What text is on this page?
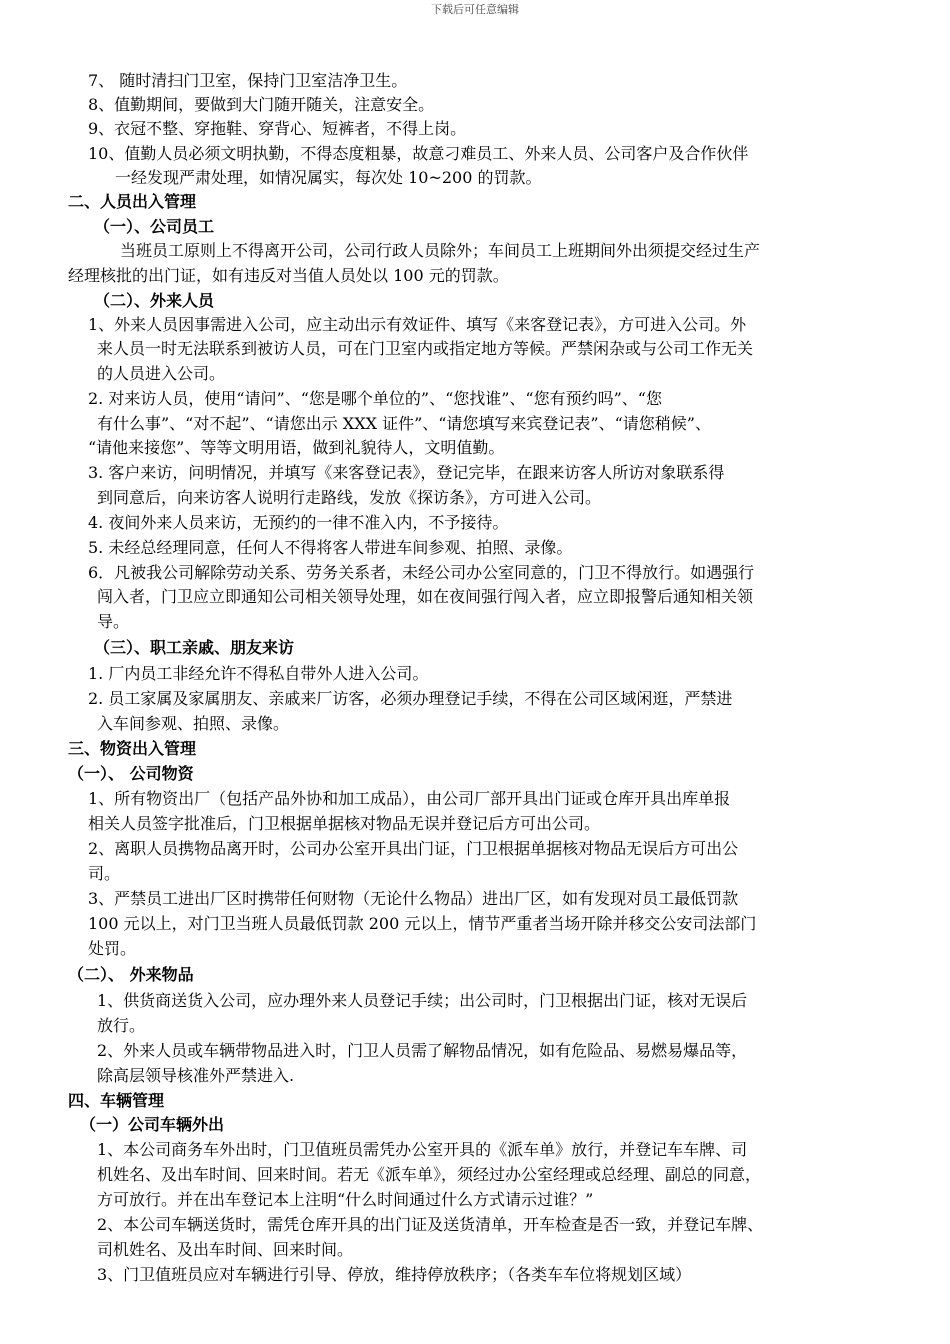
下载后可任意编辑
7、 随时清扫门卫室，保持门卫室洁净卫生。
8、值勤期间，要做到大门随开随关，注意安全。
9、衣冠不整、穿拖鞋、穿背心、短裤者，不得上岗。
10、值勤人员必须文明执勤，不得态度粗暴，故意刁难员工、外来人员、公司客户及合作伙伴
一经发现严肃处理，如情况属实，每次处 10~200 的罚款。
二、人员出入管理
（一）、公司员工
当班员工原则上不得离开公司，公司行政人员除外；车间员工上班期间外出须提交经过生产
经理核批的出门证，如有违反对当值人员处以 100 元的罚款。
（二）、外来人员
1、外来人员因事需进入公司，应主动出示有效证件、填写《来客登记表》，方可进入公司。外
来人员一时无法联系到被访人员，可在门卫室内或指定地方等候。严禁闲杂或与公司工作无关
的人员进入公司。
2. 对来访人员，使用“请问”、“您是哪个单位的”、“您找谁”、“您有预约吗”、“您
有什么事”、“对不起”、“请您出示 XXX 证件”、“请您填写来宾登记表”、“请您稍候”、
“请他来接您”、等等文明用语，做到礼貌待人，文明值勤。
3. 客户来访，问明情况，并填写《来客登记表》，登记完毕，在跟来访客人所访对象联系得
到同意后，向来访客人说明行走路线，发放《探访条》，方可进入公司。
4. 夜间外来人员来访，无预约的一律不准入内，不予接待。
5. 未经总经理同意，任何人不得将客人带进车间参观、拍照、录像。
6．凡被我公司解除劳动关系、劳务关系者，未经公司办公室同意的，门卫不得放行。如遇强行
闯入者，门卫应立即通知公司相关领导处理，如在夜间强行闯入者，应立即报警后通知相关领
导。
（三）、职工亲戚、朋友来访
1. 厂内员工非经允许不得私自带外人进入公司。
2. 员工家属及家属朋友、亲戚来厂访客，必须办理登记手续，不得在公司区域闲逛，严禁进
入车间参观、拍照、录像。
三、物资出入管理
（一）、 公司物资
1、所有物资出厂（包括产品外协和加工成品），由公司厂部开具出门证或仓库开具出库单报
相关人员签字批准后，门卫根据单据核对物品无误并登记后方可出公司。
2、离职人员携物品离开时，公司办公室开具出门证，门卫根据单据核对物品无误后方可出公
司。
3、严禁员工进出厂区时携带任何财物（无论什么物品）进出厂区，如有发现对员工最低罚款
100 元以上，对门卫当班人员最低罚款 200 元以上，情节严重者当场开除并移交公安司法部门
处罚。
（二）、 外来物品
1、供货商送货入公司，应办理外来人员登记手续；出公司时，门卫根据出门证，核对无误后
放行。
2、外来人员或车辆带物品进入时，门卫人员需了解物品情况，如有危险品、易燃易爆品等，
除高层领导核准外严禁进入.
四、车辆管理
（一）公司车辆外出
1、本公司商务车外出时，门卫值班员需凭办公室开具的《派车单》放行，并登记车车牌、司
机姓名、及出车时间、回来时间。若无《派车单》，须经过办公室经理或总经理、副总的同意，
方可放行。并在出车登记本上注明“什么时间通过什么方式请示过谁？”
2、本公司车辆送货时，需凭仓库开具的出门证及送货清单，开车检查是否一致，并登记车牌、
司机姓名、及出车时间、回来时间。
3、门卫值班员应对车辆进行引导、停放，维持停放秩序；（各类车车位将规划区域）
